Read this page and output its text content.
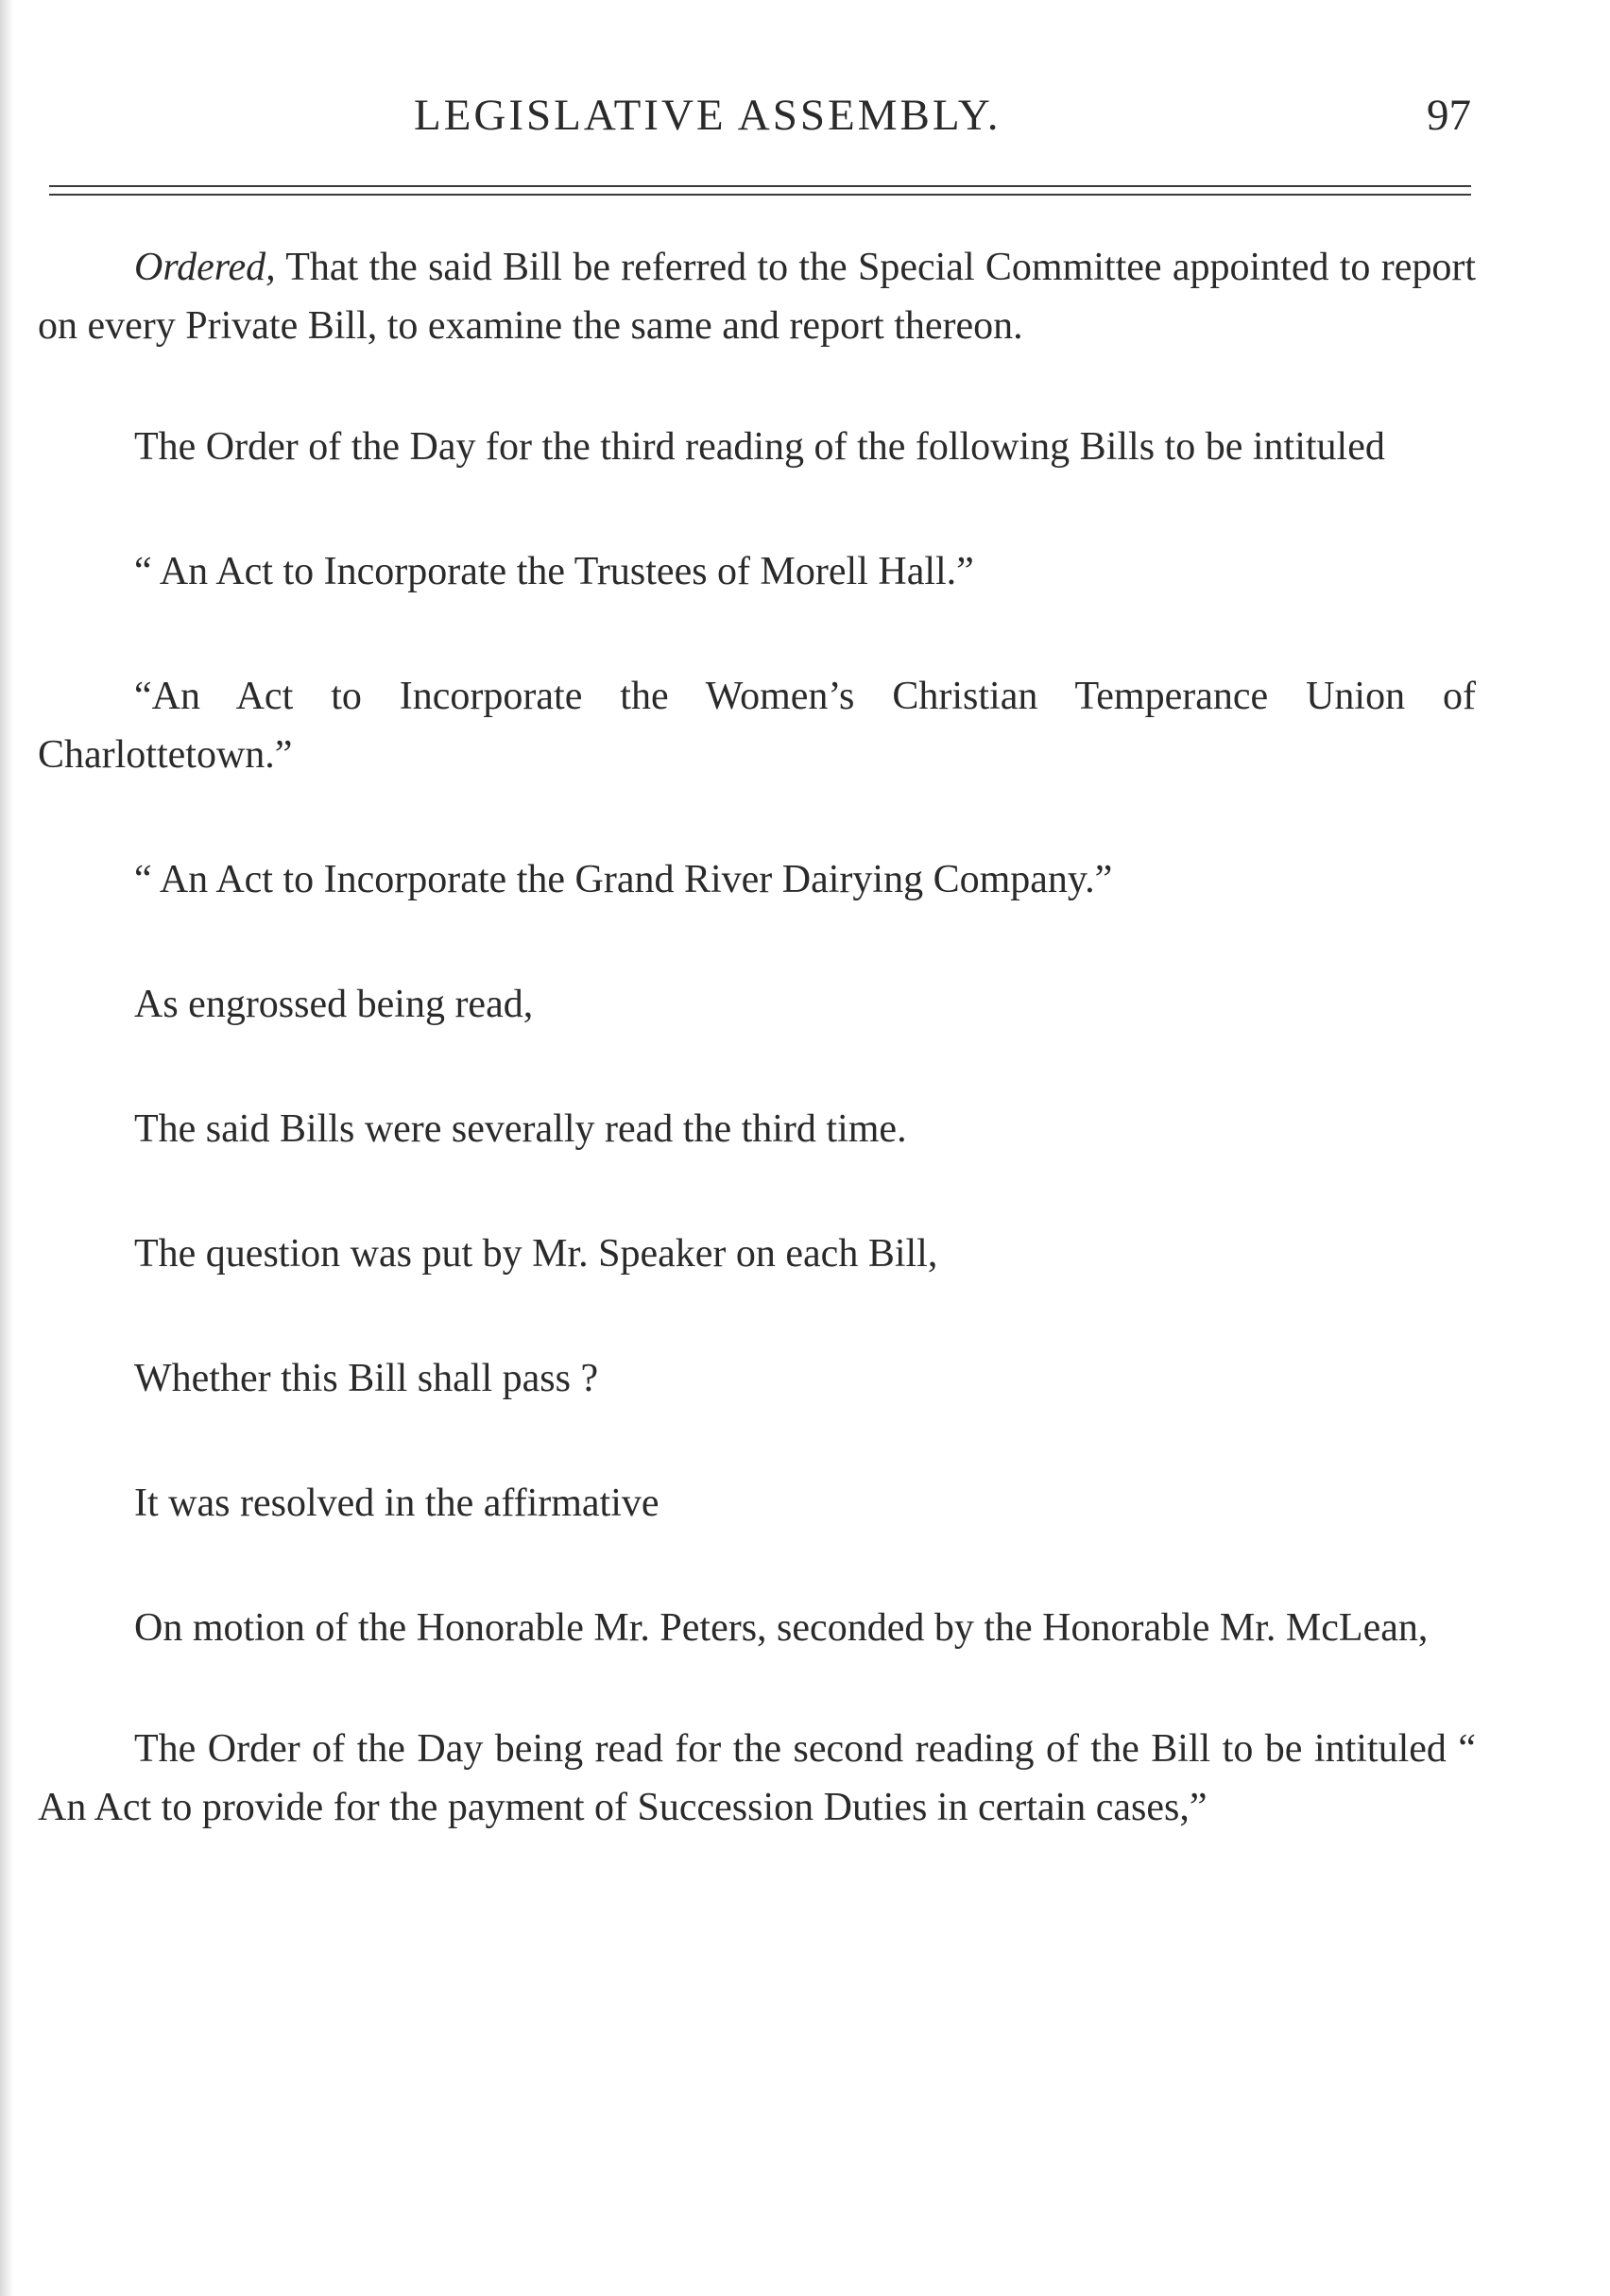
LEGISLATIVE ASSEMBLY.	97

Ordered, That the said Bill be referred to the Special Committee appointed to report on every Private Bill, to examine the same and report thereon.

The Order of the Day for the third reading of the following Bills to be intituled

“ An Act to Incorporate the Trustees of Morell Hall.”

“An Act to Incorporate the Women’s Christian Temperance Union of Charlottetown.”

“ An Act to Incorporate the Grand River Dairying Company.”

As engrossed being read,

The said Bills were severally read the third time.

The question was put by Mr. Speaker on each Bill,

Whether this Bill shall pass ?

It was resolved in the affirmative

On motion of the Honorable Mr. Peters, seconded by the Honorable Mr. McLean,

The Order of the Day being read for the second reading of the Bill to be intituled “ An Act to provide for the payment of Succession Duties in certain cases,”
